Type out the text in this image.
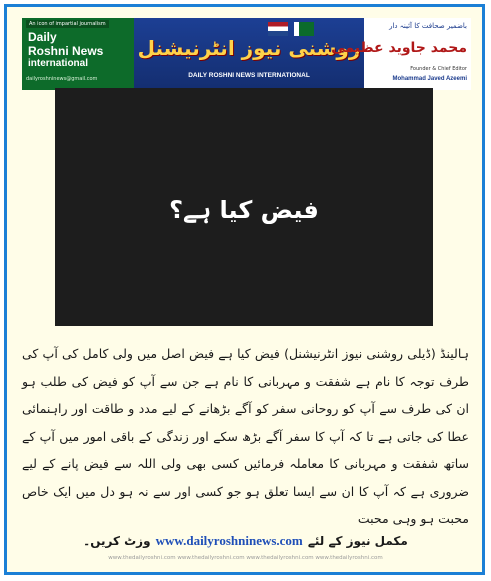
An icon of impartial journalism
Daily
Roshni News
international
dailyroshninews@gmail.com
روشنی نیوز انٹرنیشنل
DAILY ROSHNI NEWS INTERNATIONAL
باضمیر صحافت کا آئینہ دار
محمد جاوید عظیمی
Founder & Chief Editor
Mohammad Javed Azeemi
فیض کیا ہے؟

ہالینڈ (ڈیلی روشنی نیوز انٹرنیشنل) فیض کیا ہے فیض اصل میں ولی کامل کی آپ کی طرف توجہ کا نام ہے شفقت و مہربانی کا نام ہے جن سے آپ کو فیض کی طلب ہو ان کی طرف سے آپ کو روحانی سفر کو آگے بڑھانے کے لیے مدد و طاقت اور راہنمائی عطا کی جاتی ہے تا کہ آپ کا سفر آگے بڑھ سکے اور زندگی کے باقی امور میں آپ کے ساتھ شفقت و مہربانی کا معاملہ فرمائیں کسی بھی ولی اللہ سے فیض پانے کے لیے ضروری ہے کہ آپ کا ان سے ایسا تعلق ہو جو کسی اور سے نہ ہو دل میں ایک خاص محبت ہو وہی محبت

مکمل نیوز کے لئے www.dailyroshninews.com وزٹ کریں۔
www.thedailyroshni.com www.thedailyroshni.com www.thedailyroshni.com www.thedailyroshni.com
